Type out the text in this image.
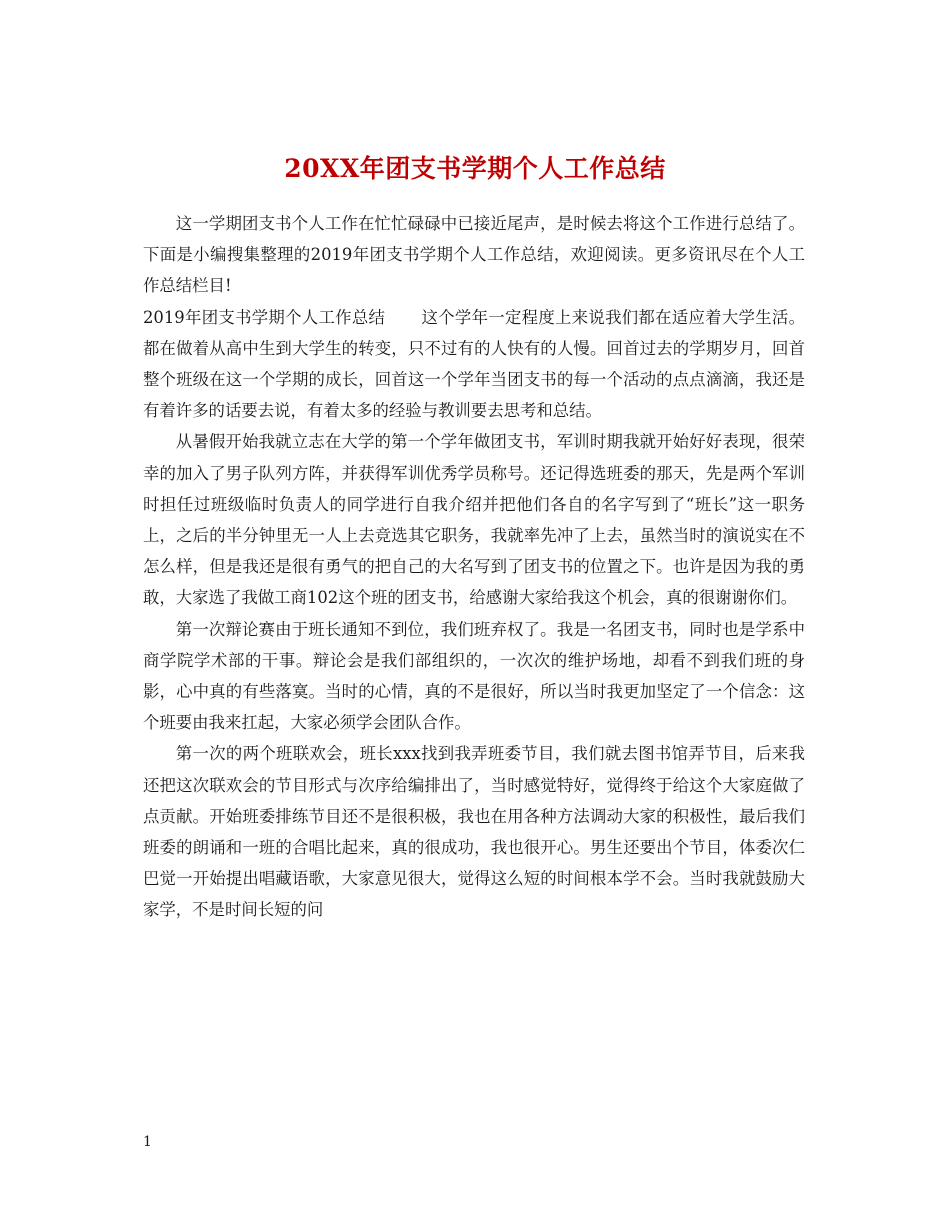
20XX年团支书学期个人工作总结

这一学期团支书个人工作在忙忙碌碌中已接近尾声，是时候去将这个工作进行总结了。下面是小编搜集整理的2019年团支书学期个人工作总结，欢迎阅读。更多资讯尽在个人工作总结栏目!

2019年团支书学期个人工作总结 这个学年一定程度上来说我们都在适应着大学生活。都在做着从高中生到大学生的转变，只不过有的人快有的人慢。回首过去的学期岁月，回首整个班级在这一个学期的成长，回首这一个学年当团支书的每一个活动的点点滴滴，我还是有着许多的话要去说，有着太多的经验与教训要去思考和总结。

从暑假开始我就立志在大学的第一个学年做团支书，军训时期我就开始好好表现，很荣幸的加入了男子队列方阵，并获得军训优秀学员称号。还记得选班委的那天，先是两个军训时担任过班级临时负责人的同学进行自我介绍并把他们各自的名字写到了“班长”这一职务上，之后的半分钟里无一人上去竞选其它职务，我就率先冲了上去，虽然当时的演说实在不怎么样，但是我还是很有勇气的把自己的大名写到了团支书的位置之下。也许是因为我的勇敢，大家选了我做工商102这个班的团支书，给感谢大家给我这个机会，真的很谢谢你们。

第一次辩论赛由于班长通知不到位，我们班弃权了。我是一名团支书，同时也是学系中商学院学术部的干事。辩论会是我们部组织的，一次次的维护场地，却看不到我们班的身影，心中真的有些落寞。当时的心情，真的不是很好，所以当时我更加坚定了一个信念：这个班要由我来扛起，大家必须学会团队合作。

第一次的两个班联欢会，班长xxx找到我弄班委节目，我们就去图书馆弄节目，后来我还把这次联欢会的节目形式与次序给编排出了，当时感觉特好，觉得终于给这个大家庭做了点贡献。开始班委排练节目还不是很积极，我也在用各种方法调动大家的积极性，最后我们班委的朗诵和一班的合唱比起来，真的很成功，我也很开心。男生还要出个节目，体委次仁巴觉一开始提出唱藏语歌，大家意见很大，觉得这么短的时间根本学不会。当时我就鼓励大家学，不是时间长短的问

1
